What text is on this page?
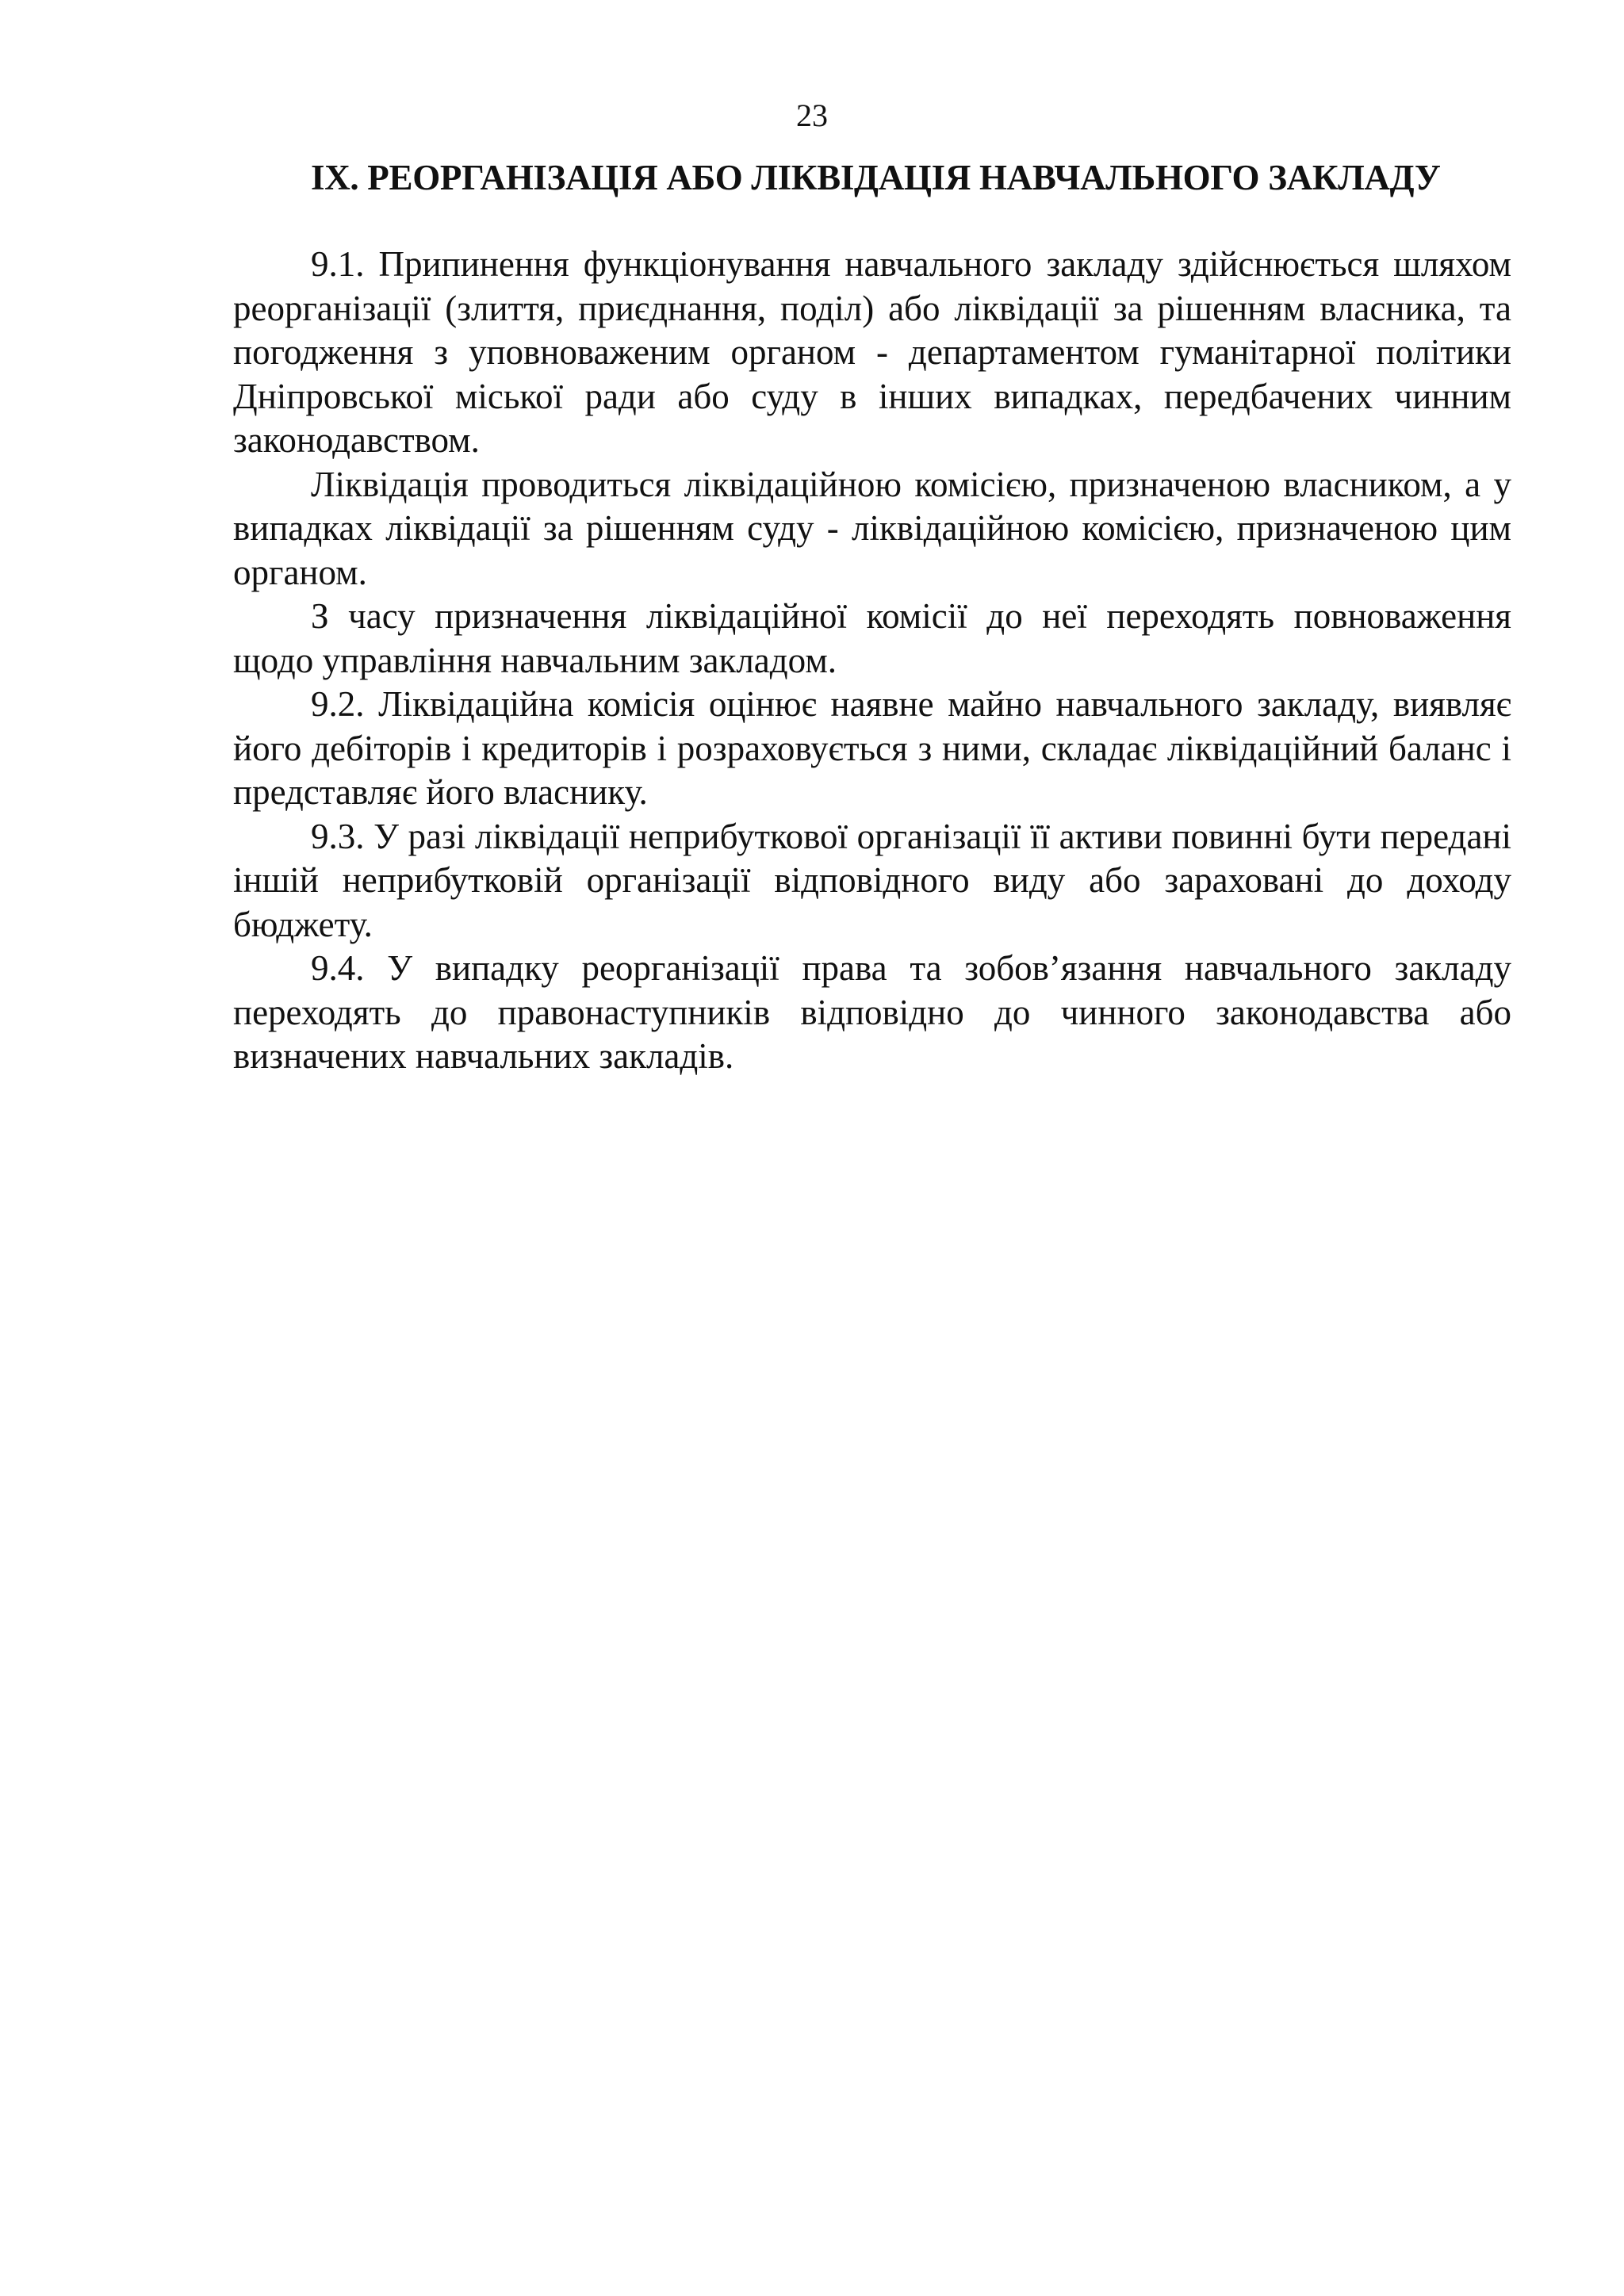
23
IX. РЕОРГАНІЗАЦІЯ АБО ЛІКВІДАЦІЯ НАВЧАЛЬНОГО ЗАКЛАДУ

9.1. Припинення функціонування навчального закладу здійснюється шляхом реорганізації (злиття, приєднання, поділ) або ліквідації за рішенням власника, та погодження з уповноваженим органом - департаментом гуманітарної політики Дніпровської міської ради або суду в інших випадках, передбачених чинним законодавством.

Ліквідація проводиться ліквідаційною комісією, призначеною власником, а у випадках ліквідації за рішенням суду - ліквідаційною комісією, призначеною цим органом.

З часу призначення ліквідаційної комісії до неї переходять повноваження щодо управління навчальним закладом.

9.2. Ліквідаційна комісія оцінює наявне майно навчального закладу, виявляє його дебіторів і кредиторів і розраховується з ними, складає ліквідаційний баланс і представляє його власнику.

9.3. У разі ліквідації неприбуткової організації її активи повинні бути передані іншій неприбутковій організації відповідного виду або зараховані до доходу бюджету.

9.4. У випадку реорганізації права та зобов’язання навчального закладу переходять до правонаступників відповідно до чинного законодавства або визначених навчальних закладів.
